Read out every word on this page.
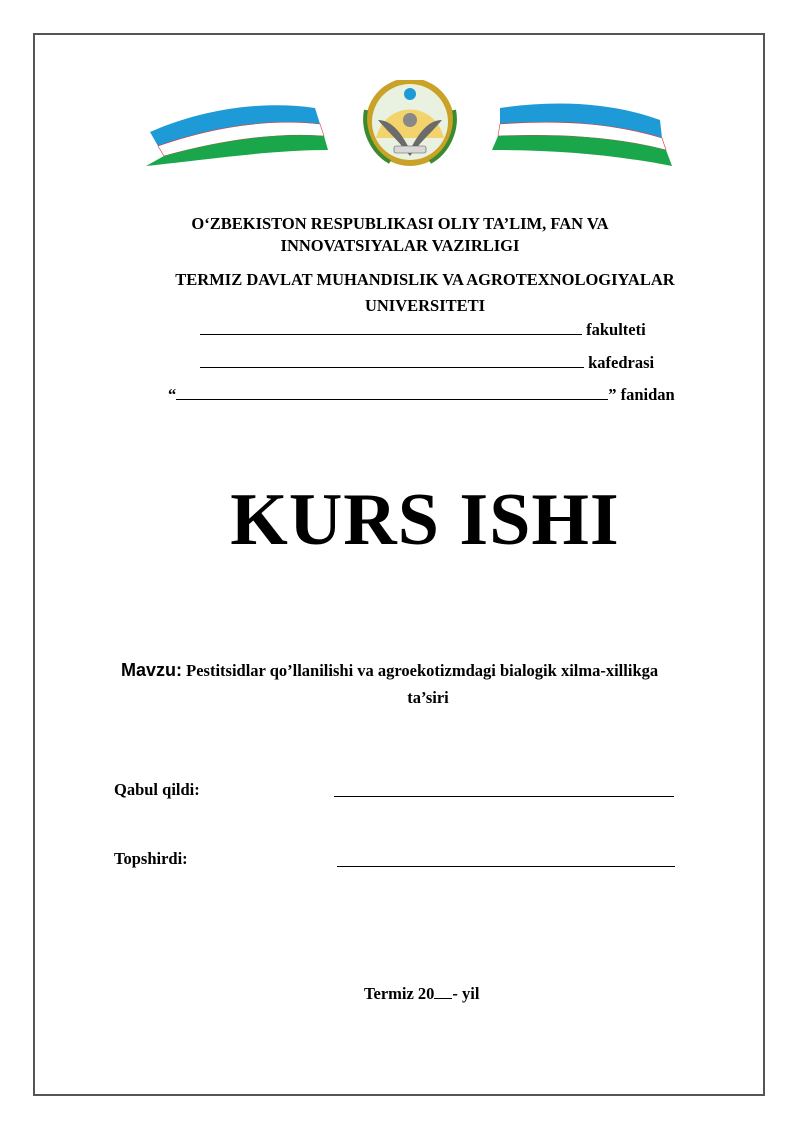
O‘ZBEKISTON RESPUBLIKASI OLIY TA’LIM, FAN VA
INNOVATSIYALAR VAZIRLIGI
TERMIZ DAVLAT MUHANDISLIK VA AGROTEXNOLOGIYALAR
UNIVERSITETI
fakulteti
kafedrasi
“	” fanidan
KURS ISHI
Mavzu: Pestitsidlar qo’llanilishi va agroekotizmdagi bialogik xilma-xillikga
ta’siri
Qabul qildi:
Topshirdi:
Termiz 20 - yil
